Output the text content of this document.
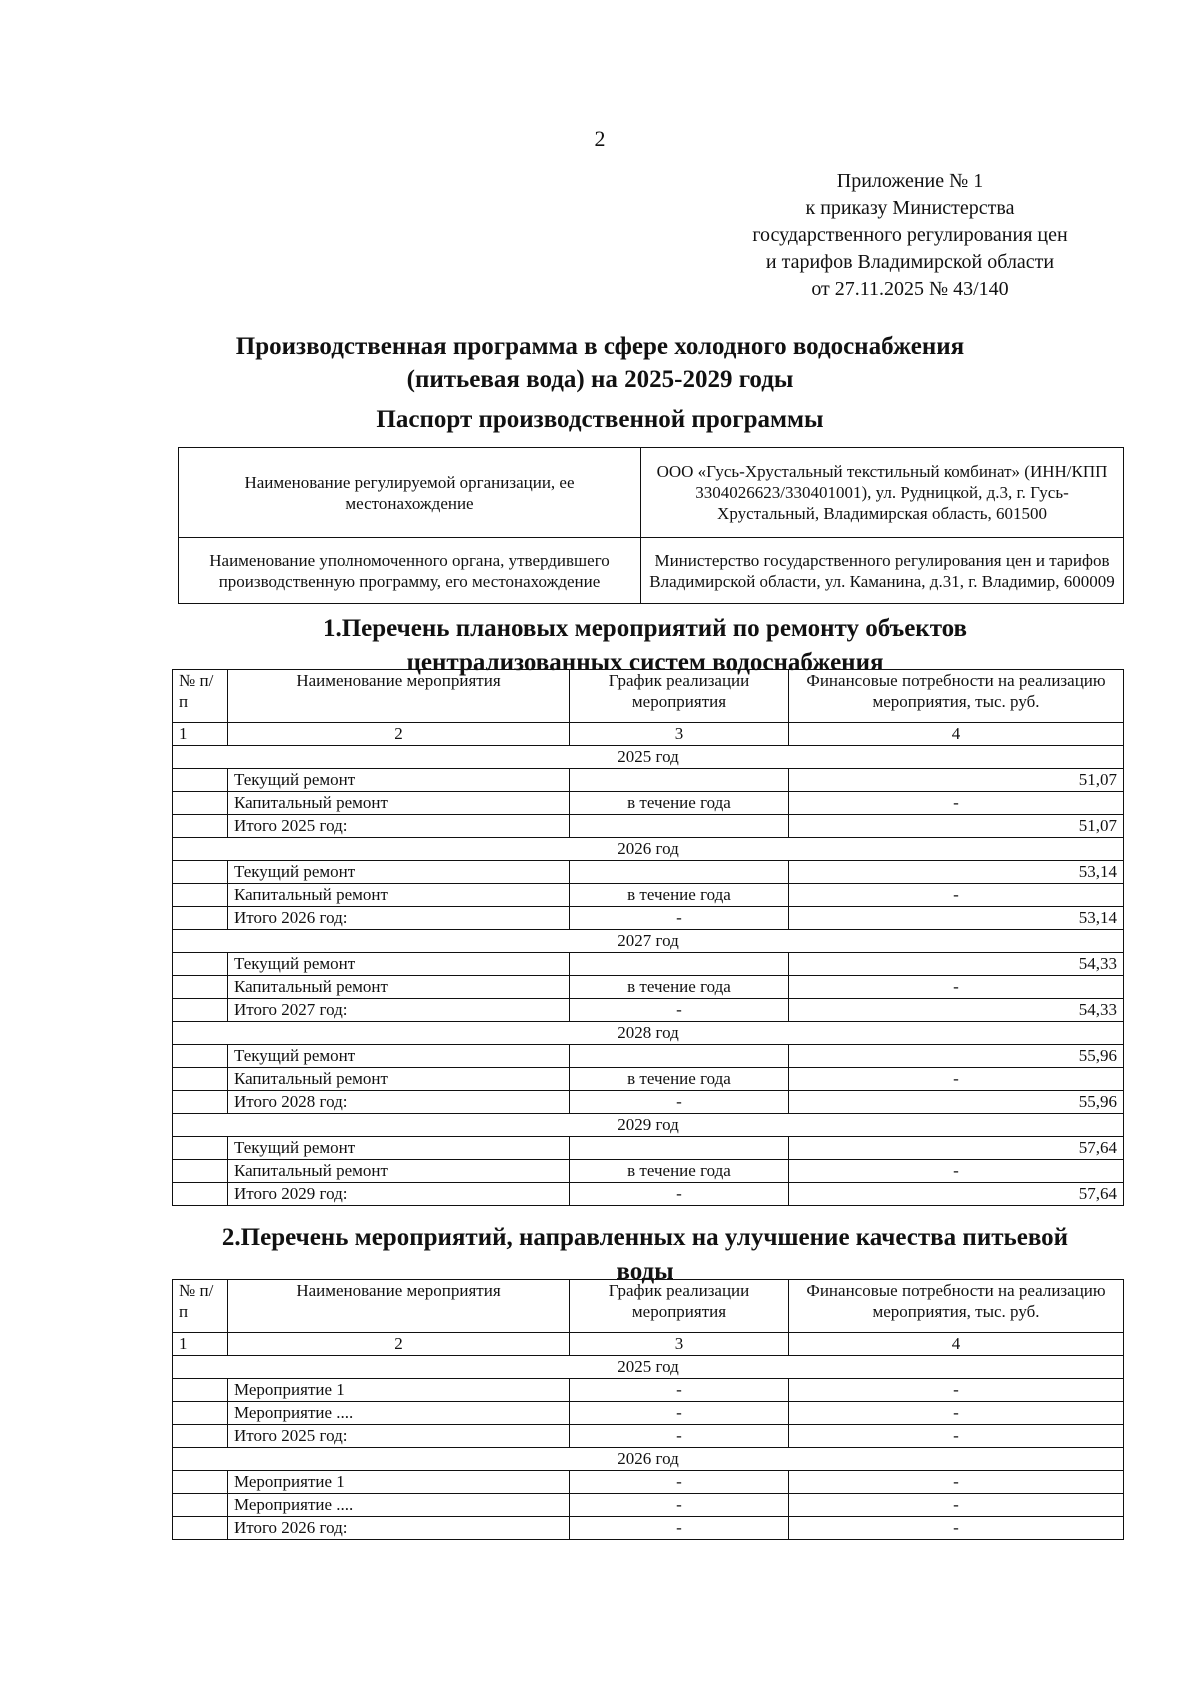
2
Приложение № 1
к приказу Министерства
государственного регулирования цен
и тарифов Владимирской области
от 27.11.2025 № 43/140
Производственная программа в сфере холодного водоснабжения
(питьевая вода) на 2025-2029 годы
Паспорт производственной программы
Наименование регулируемой организации, ее местонахождение	ООО «Гусь-Хрустальный текстильный комбинат» (ИНН/КПП 3304026623/330401001), ул. Рудницкой, д.3, г. Гусь-Хрустальный, Владимирская область, 601500
Наименование уполномоченного органа, утвердившего производственную программу, его местонахождение	Министерство государственного регулирования цен и тарифов Владимирской области, ул. Каманина, д.31, г. Владимир, 600009
1.Перечень плановых мероприятий по ремонту объектов
централизованных систем водоснабжения
№ п/п	Наименование мероприятия	График реализации мероприятия	Финансовые потребности на реализацию мероприятия, тыс. руб.
1	2	3	4
2025 год			
	Текущий ремонт		51,07
	Капитальный ремонт	в течение года	-
	Итого 2025 год:		51,07
2026 год			
	Текущий ремонт		53,14
	Капитальный ремонт	в течение года	-
	Итого 2026 год:	-	53,14
2027 год			
	Текущий ремонт		54,33
	Капитальный ремонт	в течение года	-
	Итого 2027 год:	-	54,33
2028 год			
	Текущий ремонт		55,96
	Капитальный ремонт	в течение года	-
	Итого 2028 год:	-	55,96
2029 год			
	Текущий ремонт		57,64
	Капитальный ремонт	в течение года	-
	Итого 2029 год:	-	57,64
2.Перечень мероприятий, направленных на улучшение качества питьевой
воды
№ п/п	Наименование мероприятия	График реализации мероприятия	Финансовые потребности на реализацию мероприятия, тыс. руб.
1	2	3	4
2025 год			
	Мероприятие 1	-	-
	Мероприятие ....	-	-
	Итого 2025 год:	-	-
2026 год			
	Мероприятие 1	-	-
	Мероприятие ....	-	-
	Итого 2026 год:	-	-
